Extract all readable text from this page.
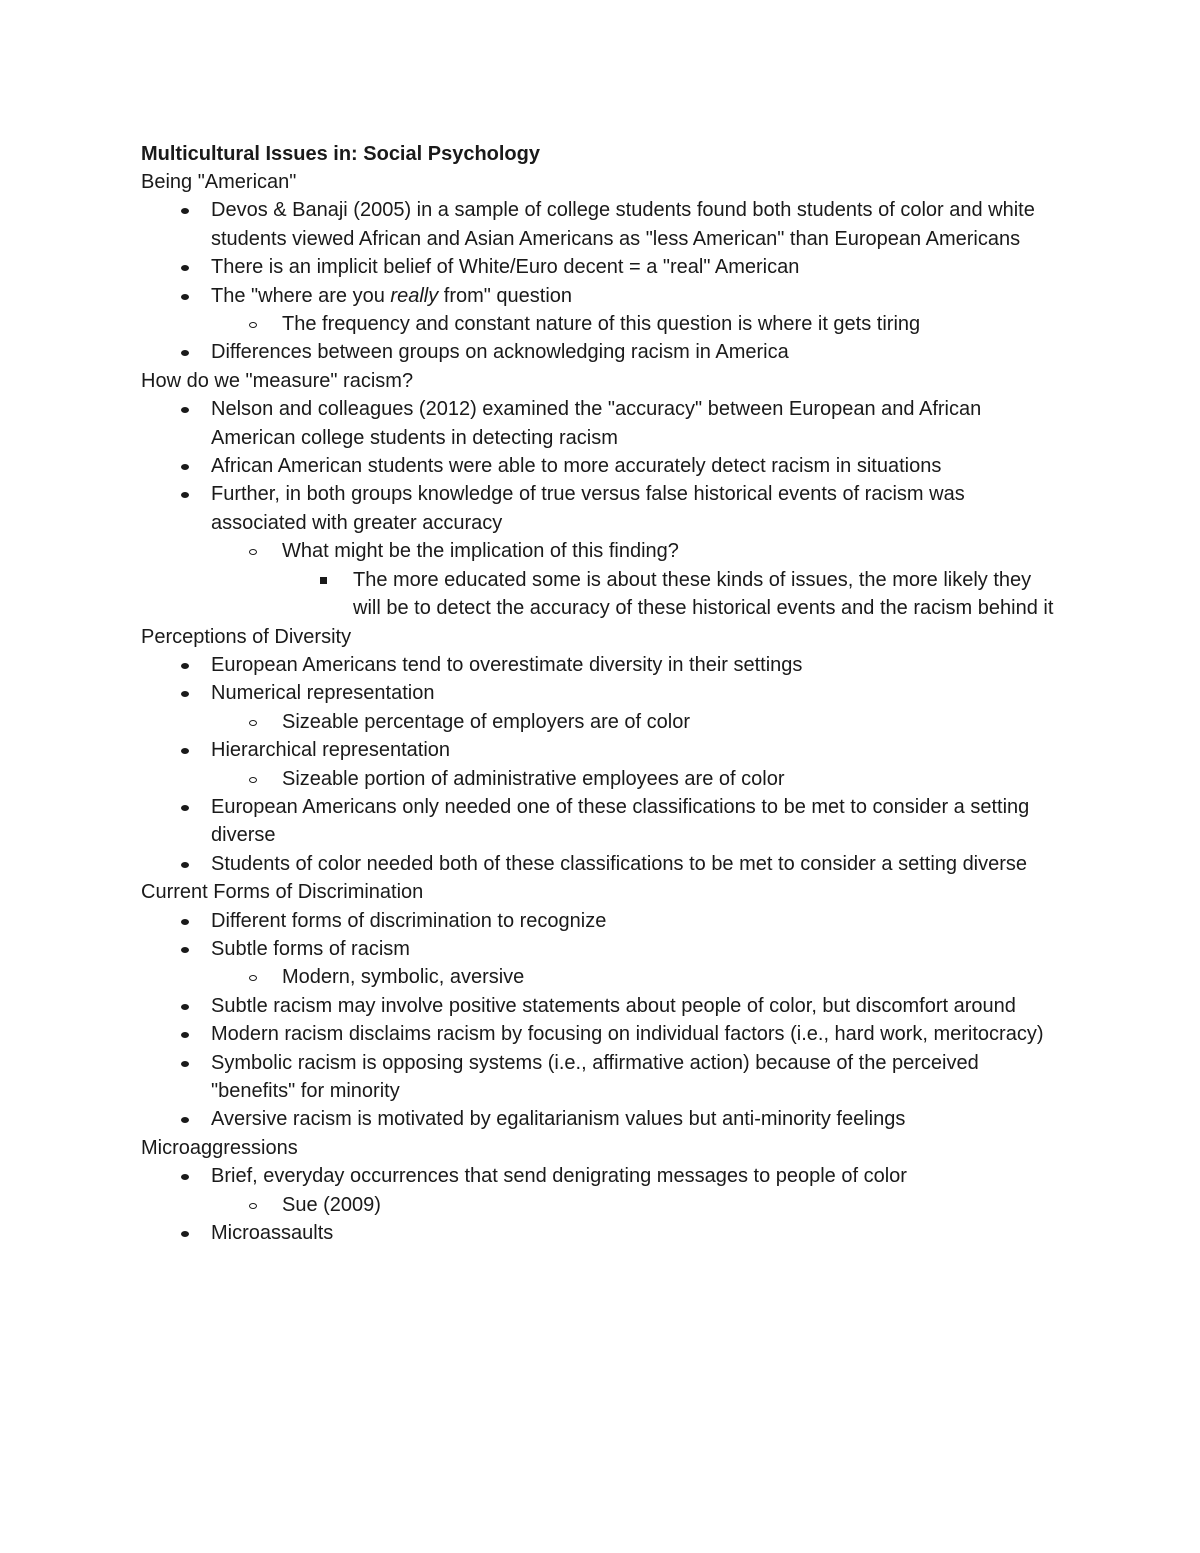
Multicultural Issues in: Social Psychology
Being "American"
Devos & Banaji (2005) in a sample of college students found both students of color and white students viewed African and Asian Americans as "less American" than European Americans
There is an implicit belief of White/Euro decent = a "real" American
The "where are you really from" question
The frequency and constant nature of this question is where it gets tiring
Differences between groups on acknowledging racism in America
How do we "measure" racism?
Nelson and colleagues (2012) examined the "accuracy" between European and African American college students in detecting racism
African American students were able to more accurately detect racism in situations
Further, in both groups knowledge of true versus false historical events of racism was associated with greater accuracy
What might be the implication of this finding?
The more educated some is about these kinds of issues, the more likely they will be to detect the accuracy of these historical events and the racism behind it
Perceptions of Diversity
European Americans tend to overestimate diversity in their settings
Numerical representation
Sizeable percentage of employers are of color
Hierarchical representation
Sizeable portion of administrative employees are of color
European Americans only needed one of these classifications to be met to consider a setting diverse
Students of color needed both of these classifications to be met to consider a setting diverse
Current Forms of Discrimination
Different forms of discrimination to recognize
Subtle forms of racism
Modern, symbolic, aversive
Subtle racism may involve positive statements about people of color, but discomfort around
Modern racism disclaims racism by focusing on individual factors (i.e., hard work, meritocracy)
Symbolic racism is opposing systems (i.e., affirmative action) because of the perceived "benefits" for minority
Aversive racism is motivated by egalitarianism values but anti-minority feelings
Microaggressions
Brief, everyday occurrences that send denigrating messages to people of color
Sue (2009)
Microassaults
